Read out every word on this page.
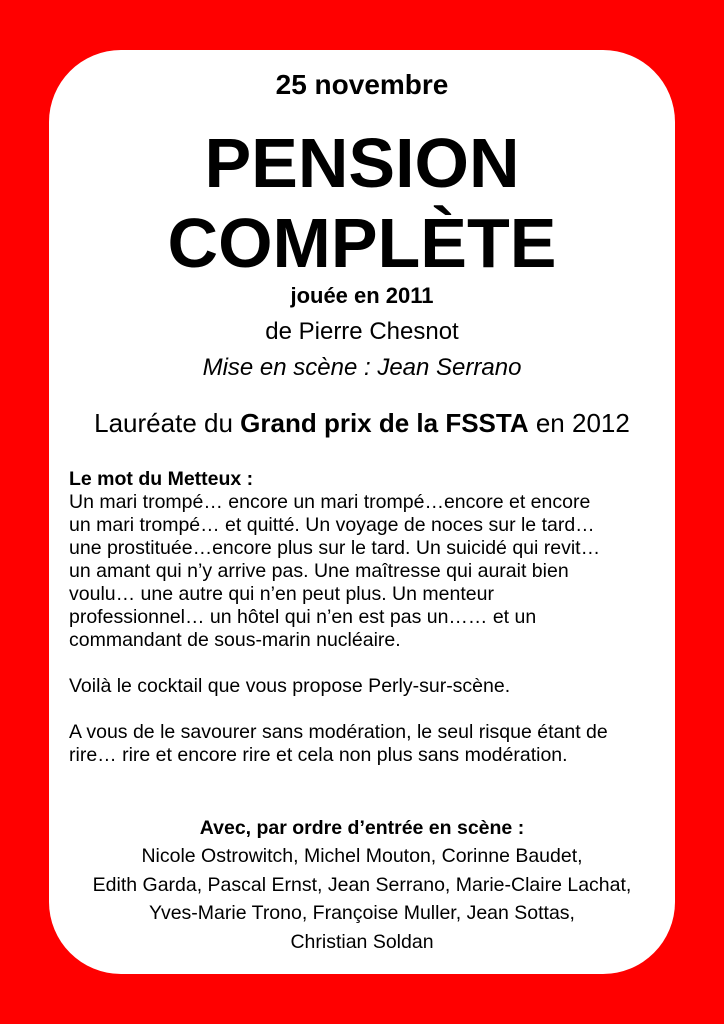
25 novembre
PENSION
COMPLÈTE
jouée en 2011
de Pierre Chesnot
Mise en scène : Jean Serrano
Lauréate du Grand prix de la FSSTA en 2012

Le mot du Metteux :

Un mari trompé… encore un mari trompé…encore et encore
un mari trompé… et quitté. Un voyage de noces sur le tard…
une prostituée…encore plus sur le tard. Un suicidé qui revit…
un amant qui n’y arrive pas. Une maîtresse qui aurait bien
voulu… une autre qui n’en peut plus. Un menteur
professionnel… un hôtel qui n’en est pas un…… et un
commandant de sous-marin nucléaire.

Voilà le cocktail que vous propose Perly-sur-scène.

A vous de le savourer sans modération, le seul risque étant de
rire… rire et encore rire et cela non plus sans modération.

Avec, par ordre d’entrée en scène :
Nicole Ostrowitch, Michel Mouton, Corinne Baudet,
Edith Garda, Pascal Ernst, Jean Serrano, Marie-Claire Lachat,
Yves-Marie Trono, Françoise Muller, Jean Sottas,
Christian Soldan
